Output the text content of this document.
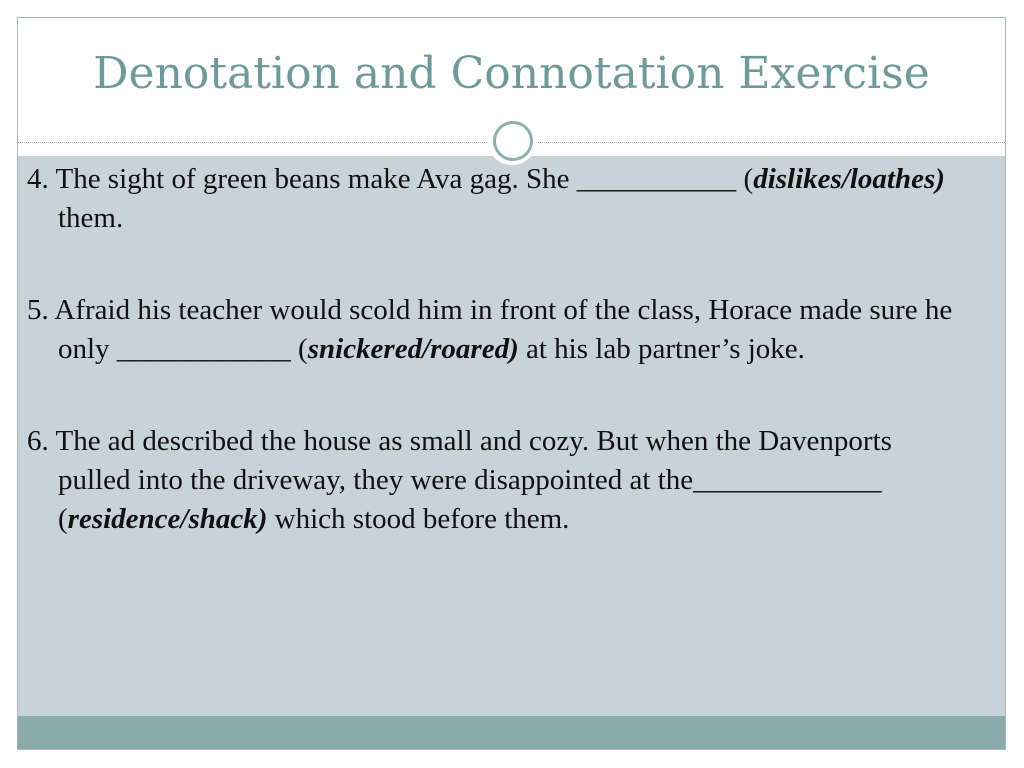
Denotation and Connotation Exercise
4. The sight of green beans make Ava gag. She ___________ (dislikes/loathes) them.
5. Afraid his teacher would scold him in front of the class, Horace made sure he only ____________ (snickered/roared) at his lab partner’s joke.
6. The ad described the house as small and cozy. But when the Davenports pulled into the driveway, they were disappointed at the_____________ (residence/shack) which stood before them.
